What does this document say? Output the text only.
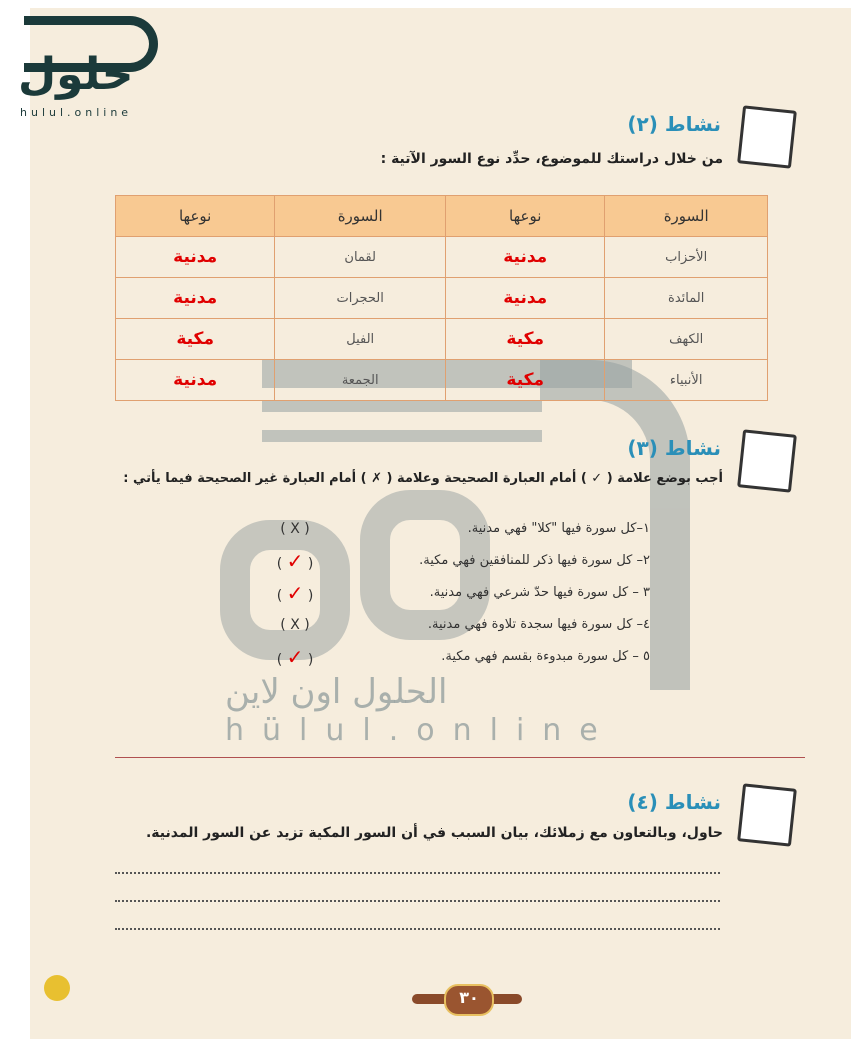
حلول
hulul.online
الحلول اون لاين
hülul.online
نشاط (٢)
من خلال دراستك للموضوع، حدِّد نوع السور الآتية :
السورة	نوعها	السورة	نوعها
الأحزاب	مدنية	لقمان	مدنية
المائدة	مدنية	الحجرات	مدنية
الكهف	مكية	الفيل	مكية
الأنبياء	مكية	الجمعة	مدنية
نشاط (٣)
أجب بوضع علامة ( ✓ ) أمام العبارة الصحيحة وعلامة ( ✗ ) أمام العبارة غير الصحيحة فيما يأتي :
١–كل سورة فيها "كلا" فهي مدنية.
( X )
٢– كل سورة فيها ذكر للمنافقين فهي مكية.
( ✓ )
٣ – كل سورة فيها حدّ شرعي فهي مدنية.
( ✓ )
٤– كل سورة فيها سجدة تلاوة فهي مدنية.
( X )
٥ – كل سورة مبدوءة بقسم فهي مكية.
( ✓ )
نشاط (٤)
حاول، وبالتعاون مع زملائك، بيان السبب في أن السور المكية تزيد عن السور المدنية.
٣٠
